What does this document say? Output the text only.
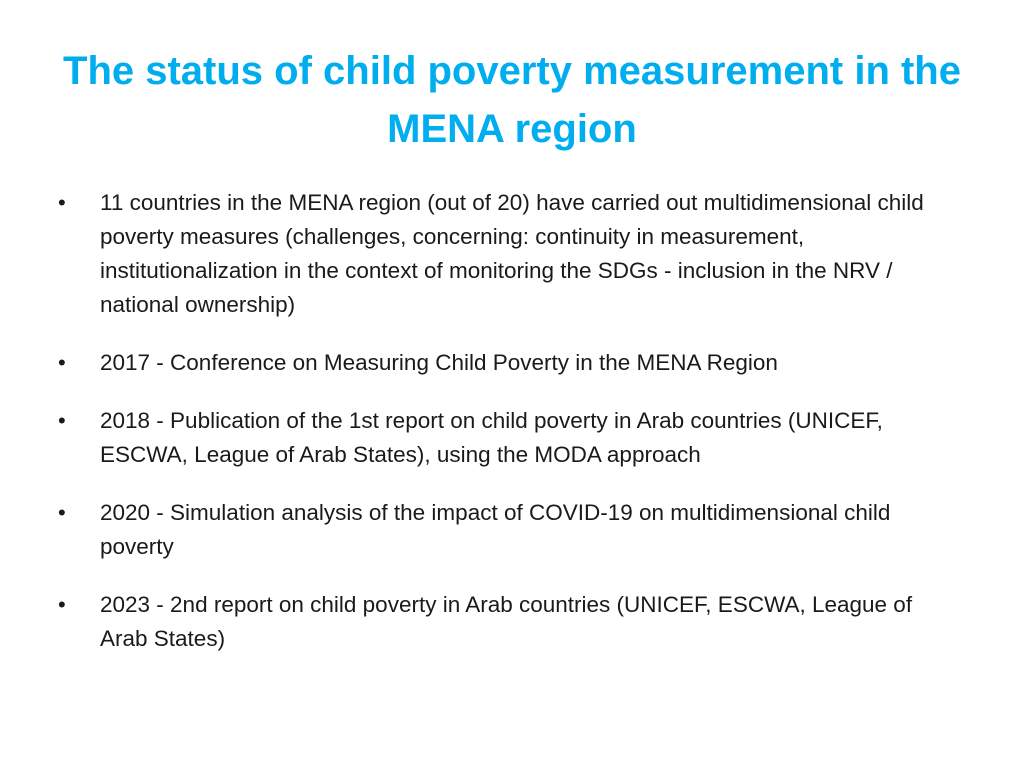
The status of child poverty measurement in the MENA region
• 11 countries in the MENA region (out of 20) have carried out multidimensional child poverty measures (challenges, concerning: continuity in measurement, institutionalization in the context of monitoring the SDGs - inclusion in the NRV / national ownership)
• 2017 - Conference on Measuring Child Poverty in the MENA Region
• 2018 - Publication of the 1st report on child poverty in Arab countries (UNICEF, ESCWA, League of Arab States), using the MODA approach
• 2020 - Simulation analysis of the impact of COVID-19 on multidimensional child poverty
• 2023 - 2nd report on child poverty in Arab countries (UNICEF, ESCWA, League of Arab States)
